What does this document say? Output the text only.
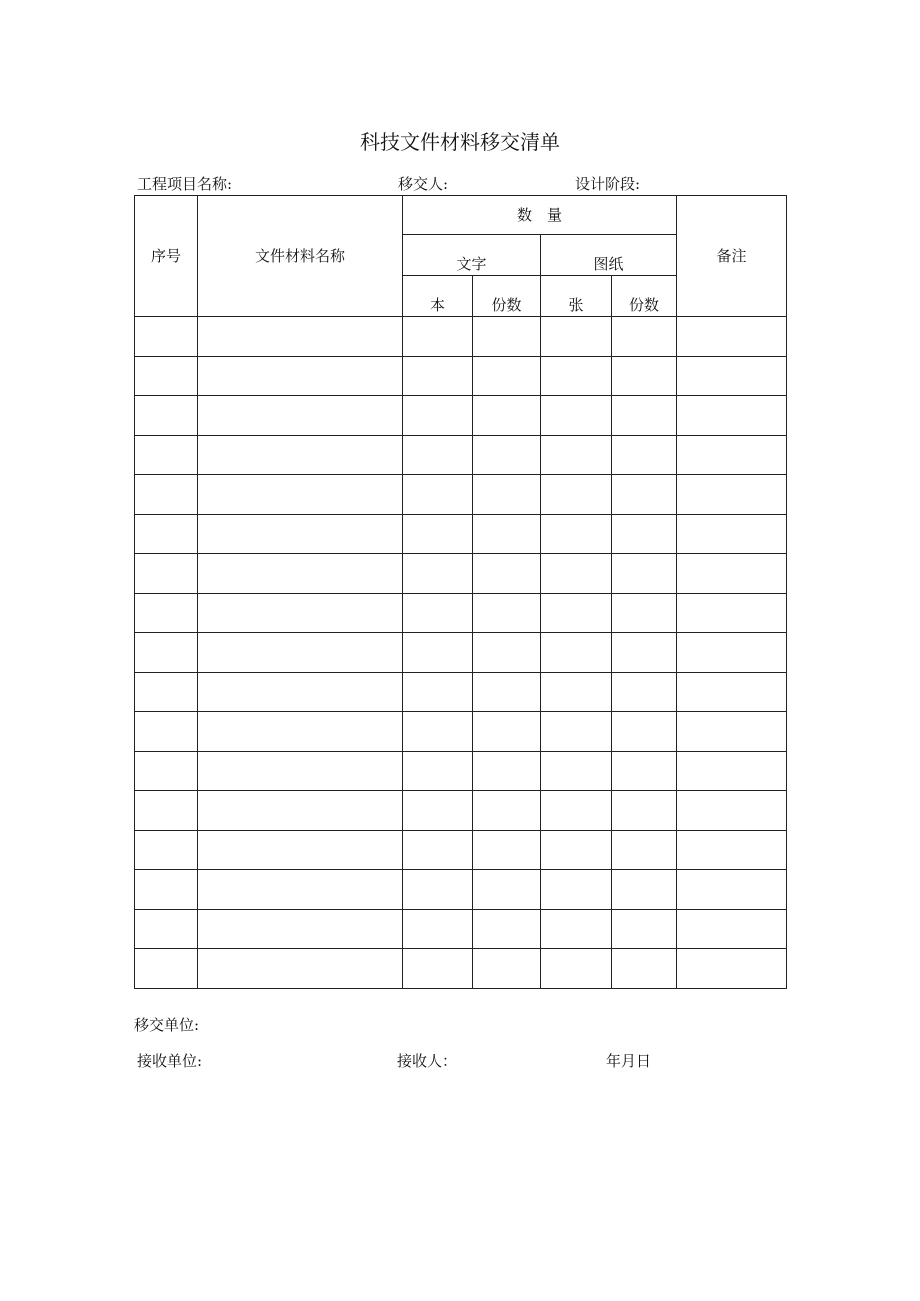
科技文件材料移交清单
工程项目名称:	移交人:	设计阶段:
序号	文件材料名称	数　量				备注
		文字		图纸		
		本	份数	张	份数	

移交单位:
接收单位:	接收人：	年月日
